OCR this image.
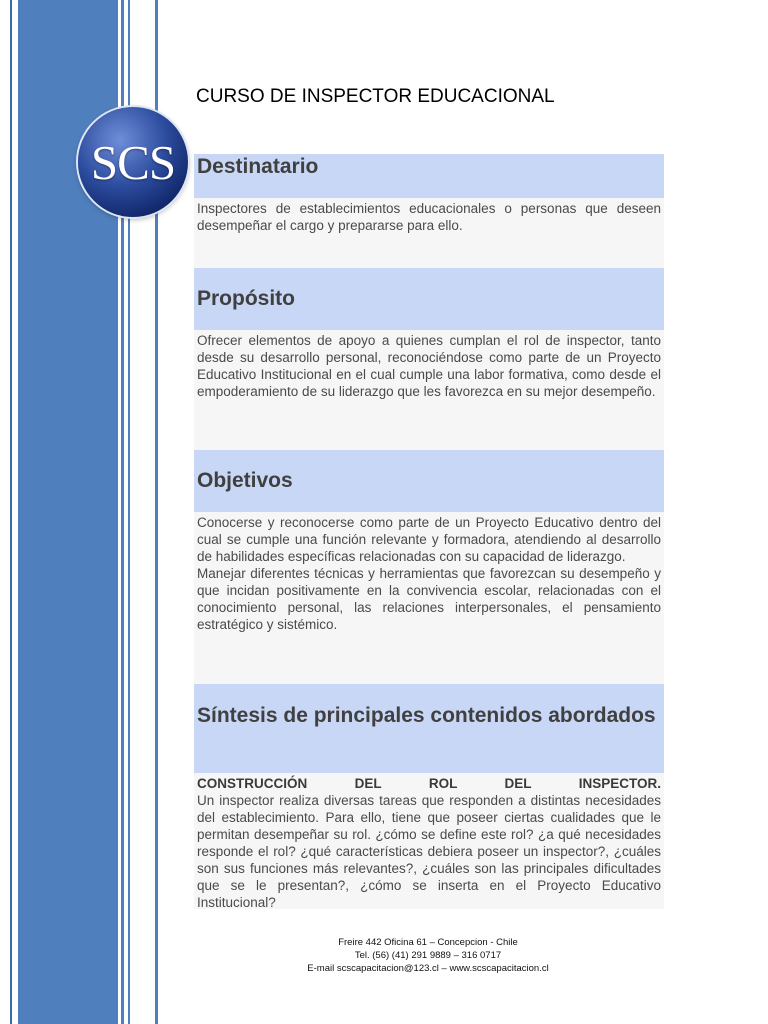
SCS
CURSO DE INSPECTOR EDUCACIONAL
Destinatario

Inspectores de establecimientos educacionales o personas que deseen desempeñar el cargo y prepararse para ello.

Propósito

Ofrecer elementos de apoyo a quienes cumplan el rol de inspector, tanto desde su desarrollo personal, reconociéndose como parte de un Proyecto Educativo Institucional en el cual cumple una labor formativa, como desde el empoderamiento de su liderazgo que les favorezca en su mejor desempeño.

Objetivos

Conocerse y reconocerse como parte de un Proyecto Educativo dentro del cual se cumple una función relevante y formadora, atendiendo al desarrollo de habilidades específicas relacionadas con su capacidad de liderazgo.

Manejar diferentes técnicas y herramientas que favorezcan su desempeño y que incidan positivamente en la convivencia escolar, relacionadas con el conocimiento personal, las relaciones interpersonales, el pensamiento estratégico y sistémico.

Síntesis de principales contenidos abordados

CONSTRUCCIÓN DEL ROL DEL INSPECTOR.

Un inspector realiza diversas tareas que responden a distintas necesidades del establecimiento. Para ello, tiene que poseer ciertas cualidades que le permitan desempeñar su rol. ¿cómo se define este rol? ¿a qué necesidades responde el rol? ¿qué características debiera poseer un inspector?, ¿cuáles son sus funciones más relevantes?, ¿cuáles son las principales dificultades que se le presentan?, ¿cómo se inserta en el Proyecto Educativo Institucional?

Freire 442 Oficina 61 – Concepcion - Chile
Tel. (56) (41) 291 9889 – 316 0717
E-mail scscapacitacion@123.cl – www.scscapacitacion.cl
